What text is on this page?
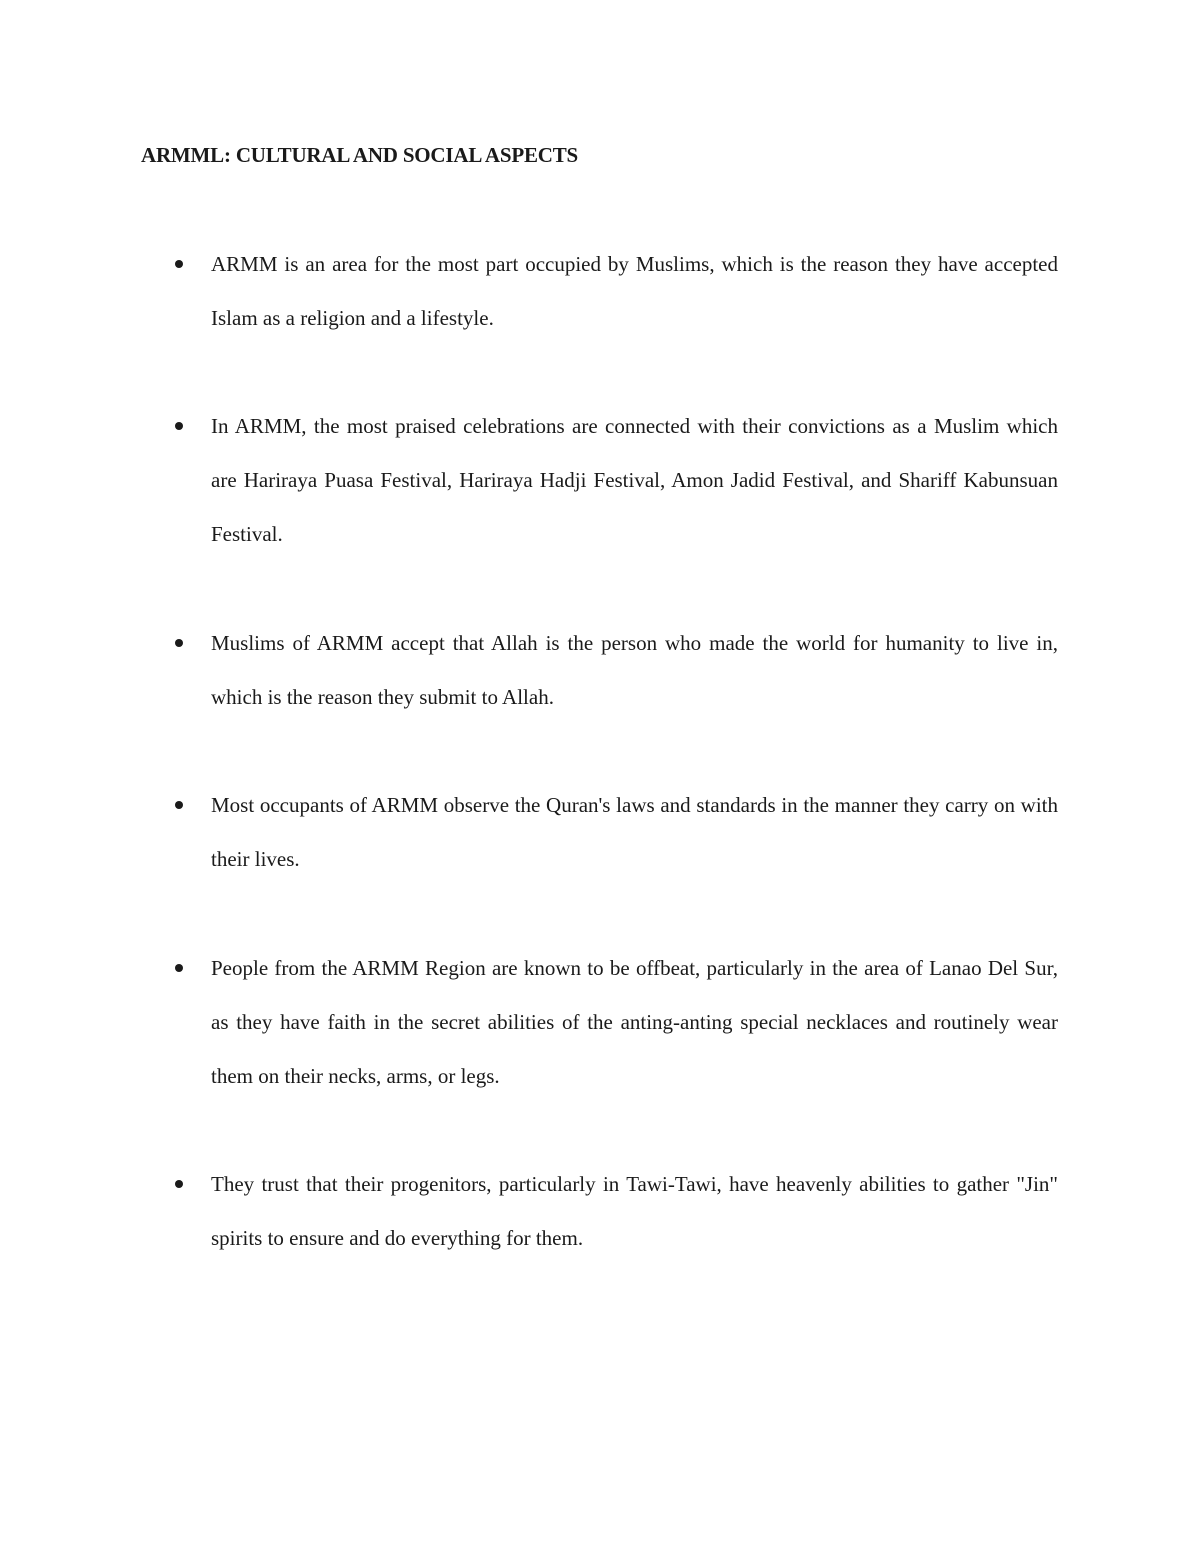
ARMML: CULTURAL AND SOCIAL ASPECTS

ARMM is an area for the most part occupied by Muslims, which is the reason they have accepted Islam as a religion and a lifestyle.

In ARMM, the most praised celebrations are connected with their convictions as a Muslim which are Hariraya Puasa Festival, Hariraya Hadji Festival, Amon Jadid Festival, and Shariff Kabunsuan Festival.

Muslims of ARMM accept that Allah is the person who made the world for humanity to live in, which is the reason they submit to Allah.

Most occupants of ARMM observe the Quran's laws and standards in the manner they carry on with their lives.

People from the ARMM Region are known to be offbeat, particularly in the area of Lanao Del Sur, as they have faith in the secret abilities of the anting-anting special necklaces and routinely wear them on their necks, arms, or legs.

They trust that their progenitors, particularly in Tawi-Tawi, have heavenly abilities to gather "Jin" spirits to ensure and do everything for them.
